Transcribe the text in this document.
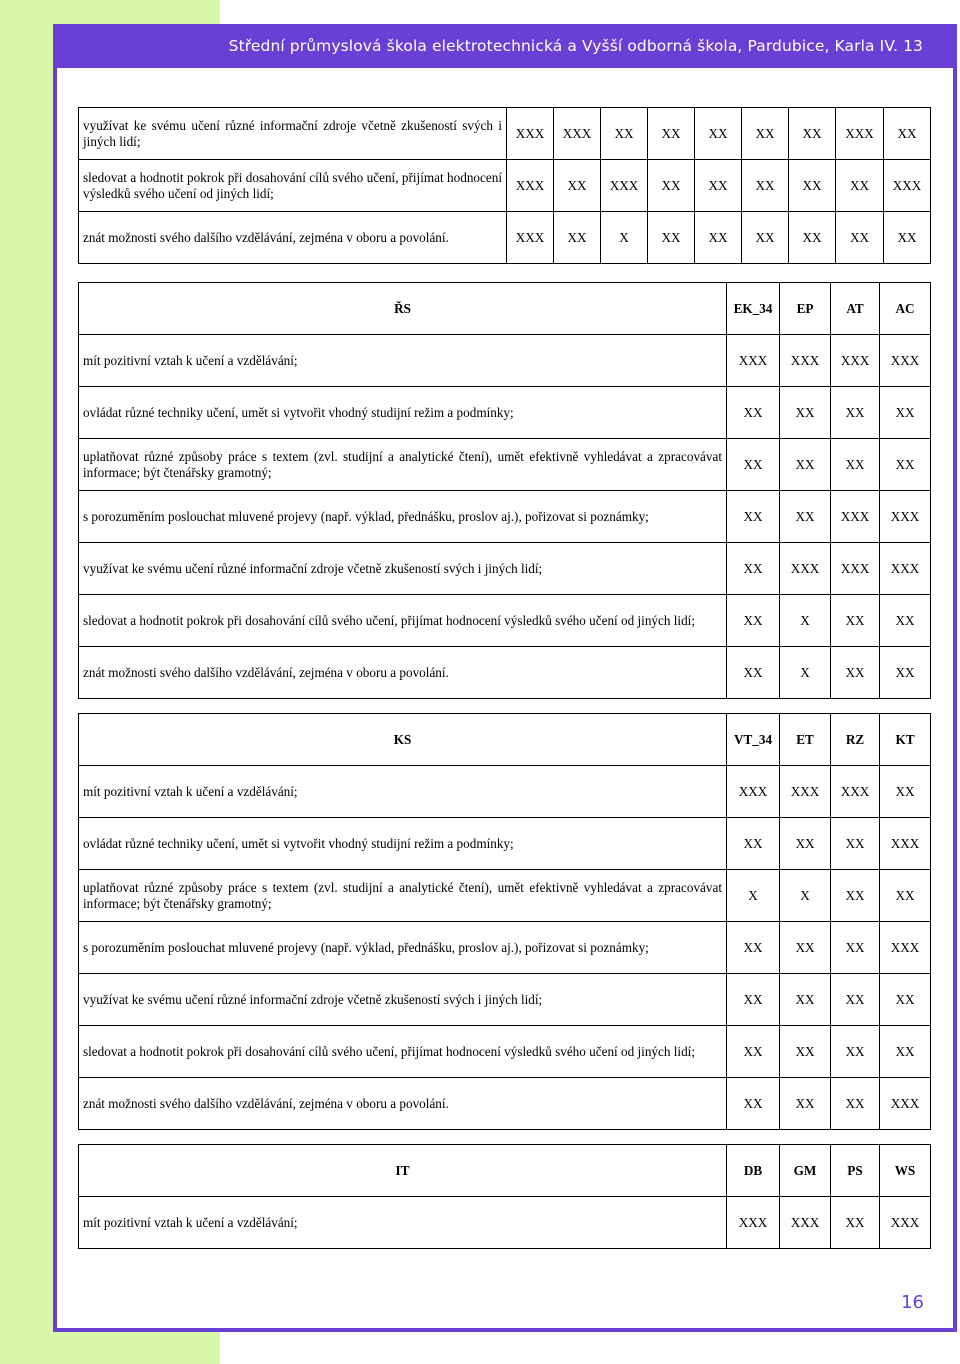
Střední průmyslová škola elektrotechnická a Vyšší odborná škola, Pardubice, Karla IV. 13
využívat ke svému učení různé informační zdroje včetně zkušeností svých i jiných lidí;	XXX	XXX	XX	XX	XX	XX	XX	XXX	XX
sledovat a hodnotit pokrok při dosahování cílů svého učení, přijímat hodnocení výsledků svého učení od jiných lidí;	XXX	XX	XXX	XX	XX	XX	XX	XX	XXX
znát možnosti svého dalšího vzdělávání, zejména v oboru a povolání.	XXX	XX	X	XX	XX	XX	XX	XX	XX
ŘS	EK_34	EP	AT	AC
mít pozitivní vztah k učení a vzdělávání;	XXX	XXX	XXX	XXX
ovládat různé techniky učení, umět si vytvořit vhodný studijní režim a podmínky;	XX	XX	XX	XX
uplatňovat různé způsoby práce s textem (zvl. studijní a analytické čtení), umět efektivně vyhledávat a zpracovávat informace; být čtenářsky gramotný;	XX	XX	XX	XX
s porozuměním poslouchat mluvené projevy (např. výklad, přednášku, proslov aj.), pořizovat si poznámky;	XX	XX	XXX	XXX
využívat ke svému učení různé informační zdroje včetně zkušeností svých i jiných lidí;	XX	XXX	XXX	XXX
sledovat a hodnotit pokrok při dosahování cílů svého učení, přijímat hodnocení výsledků svého učení od jiných lidí;	XX	X	XX	XX
znát možnosti svého dalšího vzdělávání, zejména v oboru a povolání.	XX	X	XX	XX
KS	VT_34	ET	RZ	KT
mít pozitivní vztah k učení a vzdělávání;	XXX	XXX	XXX	XX
ovládat různé techniky učení, umět si vytvořit vhodný studijní režim a podmínky;	XX	XX	XX	XXX
uplatňovat různé způsoby práce s textem (zvl. studijní a analytické čtení), umět efektivně vyhledávat a zpracovávat informace; být čtenářsky gramotný;	X	X	XX	XX
s porozuměním poslouchat mluvené projevy (např. výklad, přednášku, proslov aj.), pořizovat si poznámky;	XX	XX	XX	XXX
využívat ke svému učení různé informační zdroje včetně zkušeností svých i jiných lidí;	XX	XX	XX	XX
sledovat a hodnotit pokrok při dosahování cílů svého učení, přijímat hodnocení výsledků svého učení od jiných lidí;	XX	XX	XX	XX
znát možnosti svého dalšího vzdělávání, zejména v oboru a povolání.	XX	XX	XX	XXX
IT	DB	GM	PS	WS
mít pozitivní vztah k učení a vzdělávání;	XXX	XXX	XX	XXX
16
